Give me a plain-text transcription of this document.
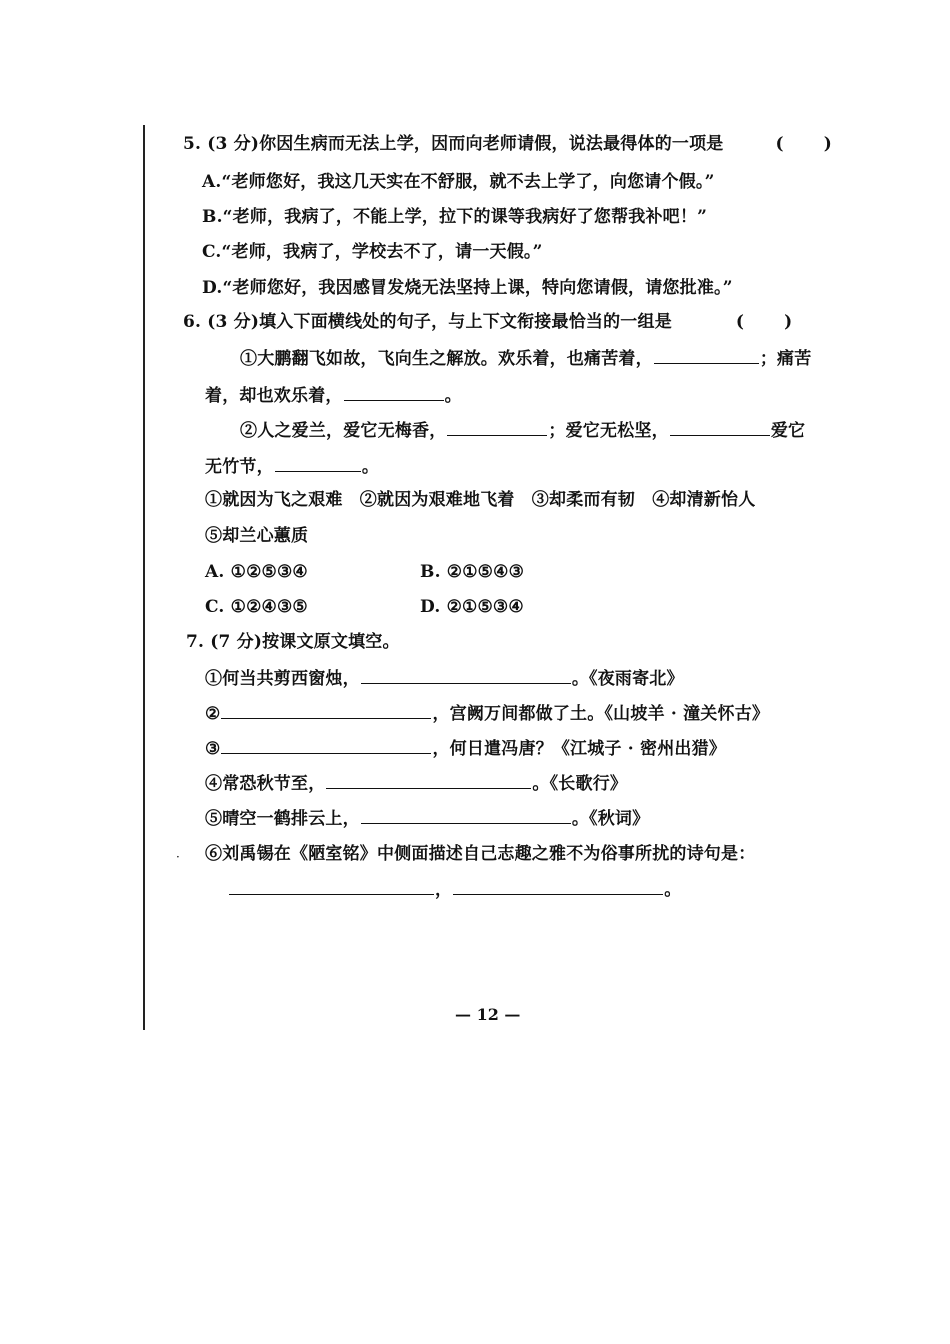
5. (3 分)你因生病而无法上学，因而向老师请假，说法最得体的一项是	( )
A.“老师您好，我这几天实在不舒服，就不去上学了，向您请个假。”
B.“老师，我病了，不能上学，拉下的课等我病好了您帮我补吧！”
C.“老师，我病了，学校去不了，请一天假。”
D.“老师您好，我因感冒发烧无法坚持上课，特向您请假，请您批准。”
6. (3 分)填入下面横线处的句子，与上下文衔接最恰当的一组是	( )
①大鹏翻飞如故，飞向生之解放。欢乐着，也痛苦着，	；痛苦
着，却也欢乐着，	。
②人之爱兰，爱它无梅香，	；爱它无松坚，	爱它
无竹节，	。
①就因为飞之艰难　②就因为艰难地飞着　③却柔而有韧　④却清新怡人
⑤却兰心蕙质
A. ①②⑤③④	B. ②①⑤④③
C. ①②④③⑤	D. ②①⑤③④
7. (7 分)按课文原文填空。
①何当共剪西窗烛，	。《夜雨寄北》
②	，宫阙万间都做了土。《山坡羊 · 潼关怀古》
③	，何日遣冯唐？《江城子 · 密州出猎》
④常恐秋节至，	。《长歌行》
⑤晴空一鹤排云上，	。《秋词》
⑥刘禹锡在《陋室铭》中侧面描述自己志趣之雅不为俗事所扰的诗句是：
，	。
·
— 12 —
